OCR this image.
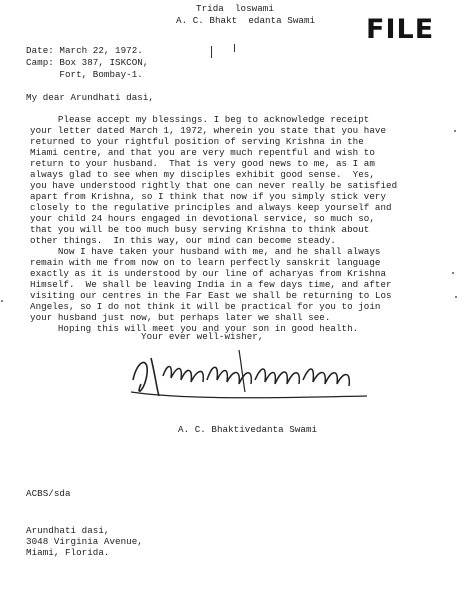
Trida  loswami
A. C. Bhakt  edanta Swami FILE
Date: March 22, 1972.
Camp: Box 387, ISKCON,
Fort, Bombay-1.
My dear Arundhati dasi,
Please accept my blessings. I beg to acknowledge receipt
your letter dated March 1, 1972, wherein you state that you have
returned to your rightful position of serving Krishna in the
Miami centre, and that you are very much repentful and wish to
return to your husband.  That is very good news to me, as I am
always glad to see when my disciples exhibit good sense.  Yes,
you have understood rightly that one can never really be satisfied
apart from Krishna, so I think that now if you simply stick very
closely to the regulative principles and always keep yourself and
your child 24 hours engaged in devotional service, so much so,
that you will be too much busy serving Krishna to think about
other things.  In this way, our mind can become steady.
Now I have taken your husband with me, and he shall always
remain with me from now on to learn perfectly sanskrit language
exactly as it is understood by our line of acharyas from Krishna
Himself.  We shall be leaving India in a few days time, and after
visiting our centres in the Far East we shall be returning to Los
Angeles, so I do not think it will be practical for you to join
your husband just now, but perhaps later we shall see.
Hoping this will meet you and your son in good health.
Your ever well-wisher,
A. C. Bhaktivedanta Swami
ACBS/sda
Arundhati dasi,
3048 Virginia Avenue,
Miami, Florida.
